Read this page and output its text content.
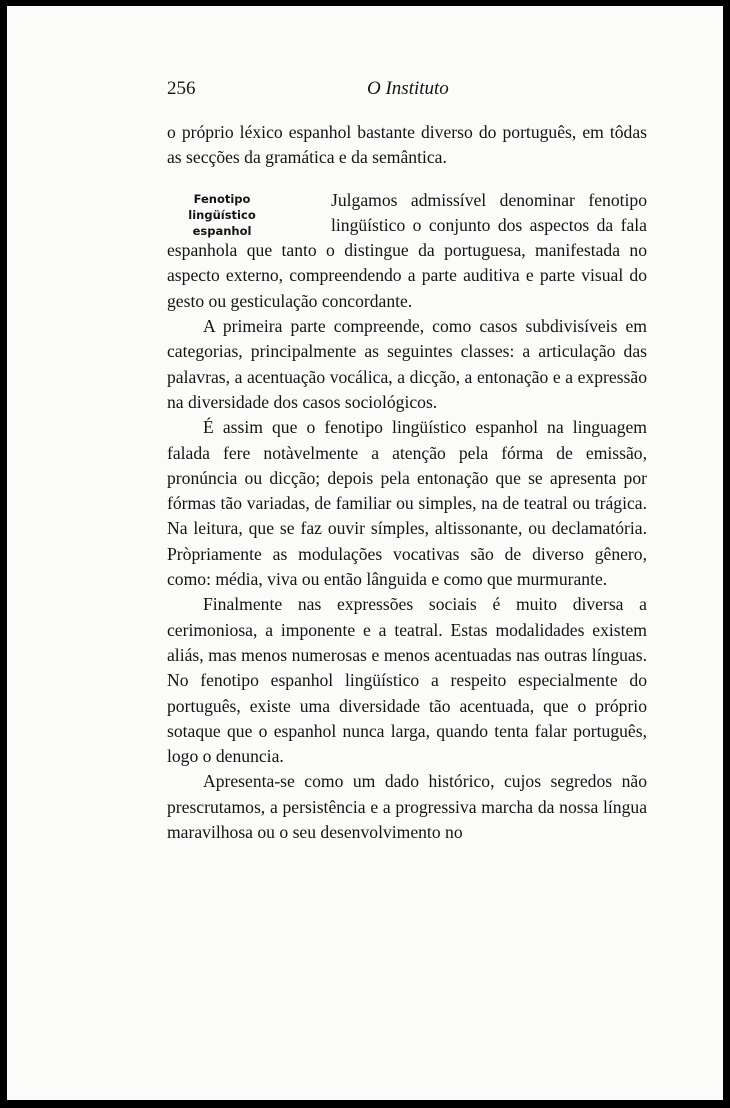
256	O Instituto

o próprio léxico espanhol bastante diverso do português, em tôdas as secções da gramática e da semântica.

Fenotipo lingüístico
espanhol

Julgamos admissível denominar fenotipo lingüístico o conjunto dos aspectos da fala espanhola que tanto o distingue da portuguesa, manifestada no aspecto externo, compreendendo a parte auditiva e parte visual do gesto ou gesticulação concordante.

A primeira parte compreende, como casos subdivisíveis em categorias, principalmente as seguintes classes: a articulação das palavras, a acentuação vocálica, a dicção, a entonação e a expressão na diversidade dos casos sociológicos.

É assim que o fenotipo lingüístico espanhol na linguagem falada fere notàvelmente a atenção pela fórma de emissão, pronúncia ou dicção; depois pela entonação que se apresenta por fórmas tão variadas, de familiar ou simples, na de teatral ou trágica. Na leitura, que se faz ouvir símples, altissonante, ou declamatória. Pròpriamente as modulações vocativas são de diverso gênero, como: média, viva ou então lânguida e como que murmurante.

Finalmente nas expressões sociais é muito diversa a cerimoniosa, a imponente e a teatral. Estas modalidades existem aliás, mas menos numerosas e menos acentuadas nas outras línguas. No fenotipo espanhol lingüístico a respeito especialmente do português, existe uma diversidade tão acentuada, que o próprio sotaque que o espanhol nunca larga, quando tenta falar português, logo o denuncia.

Apresenta-se como um dado histórico, cujos segredos não prescrutamos, a persistência e a progressiva marcha da nossa língua maravilhosa ou o seu desenvolvimento no
